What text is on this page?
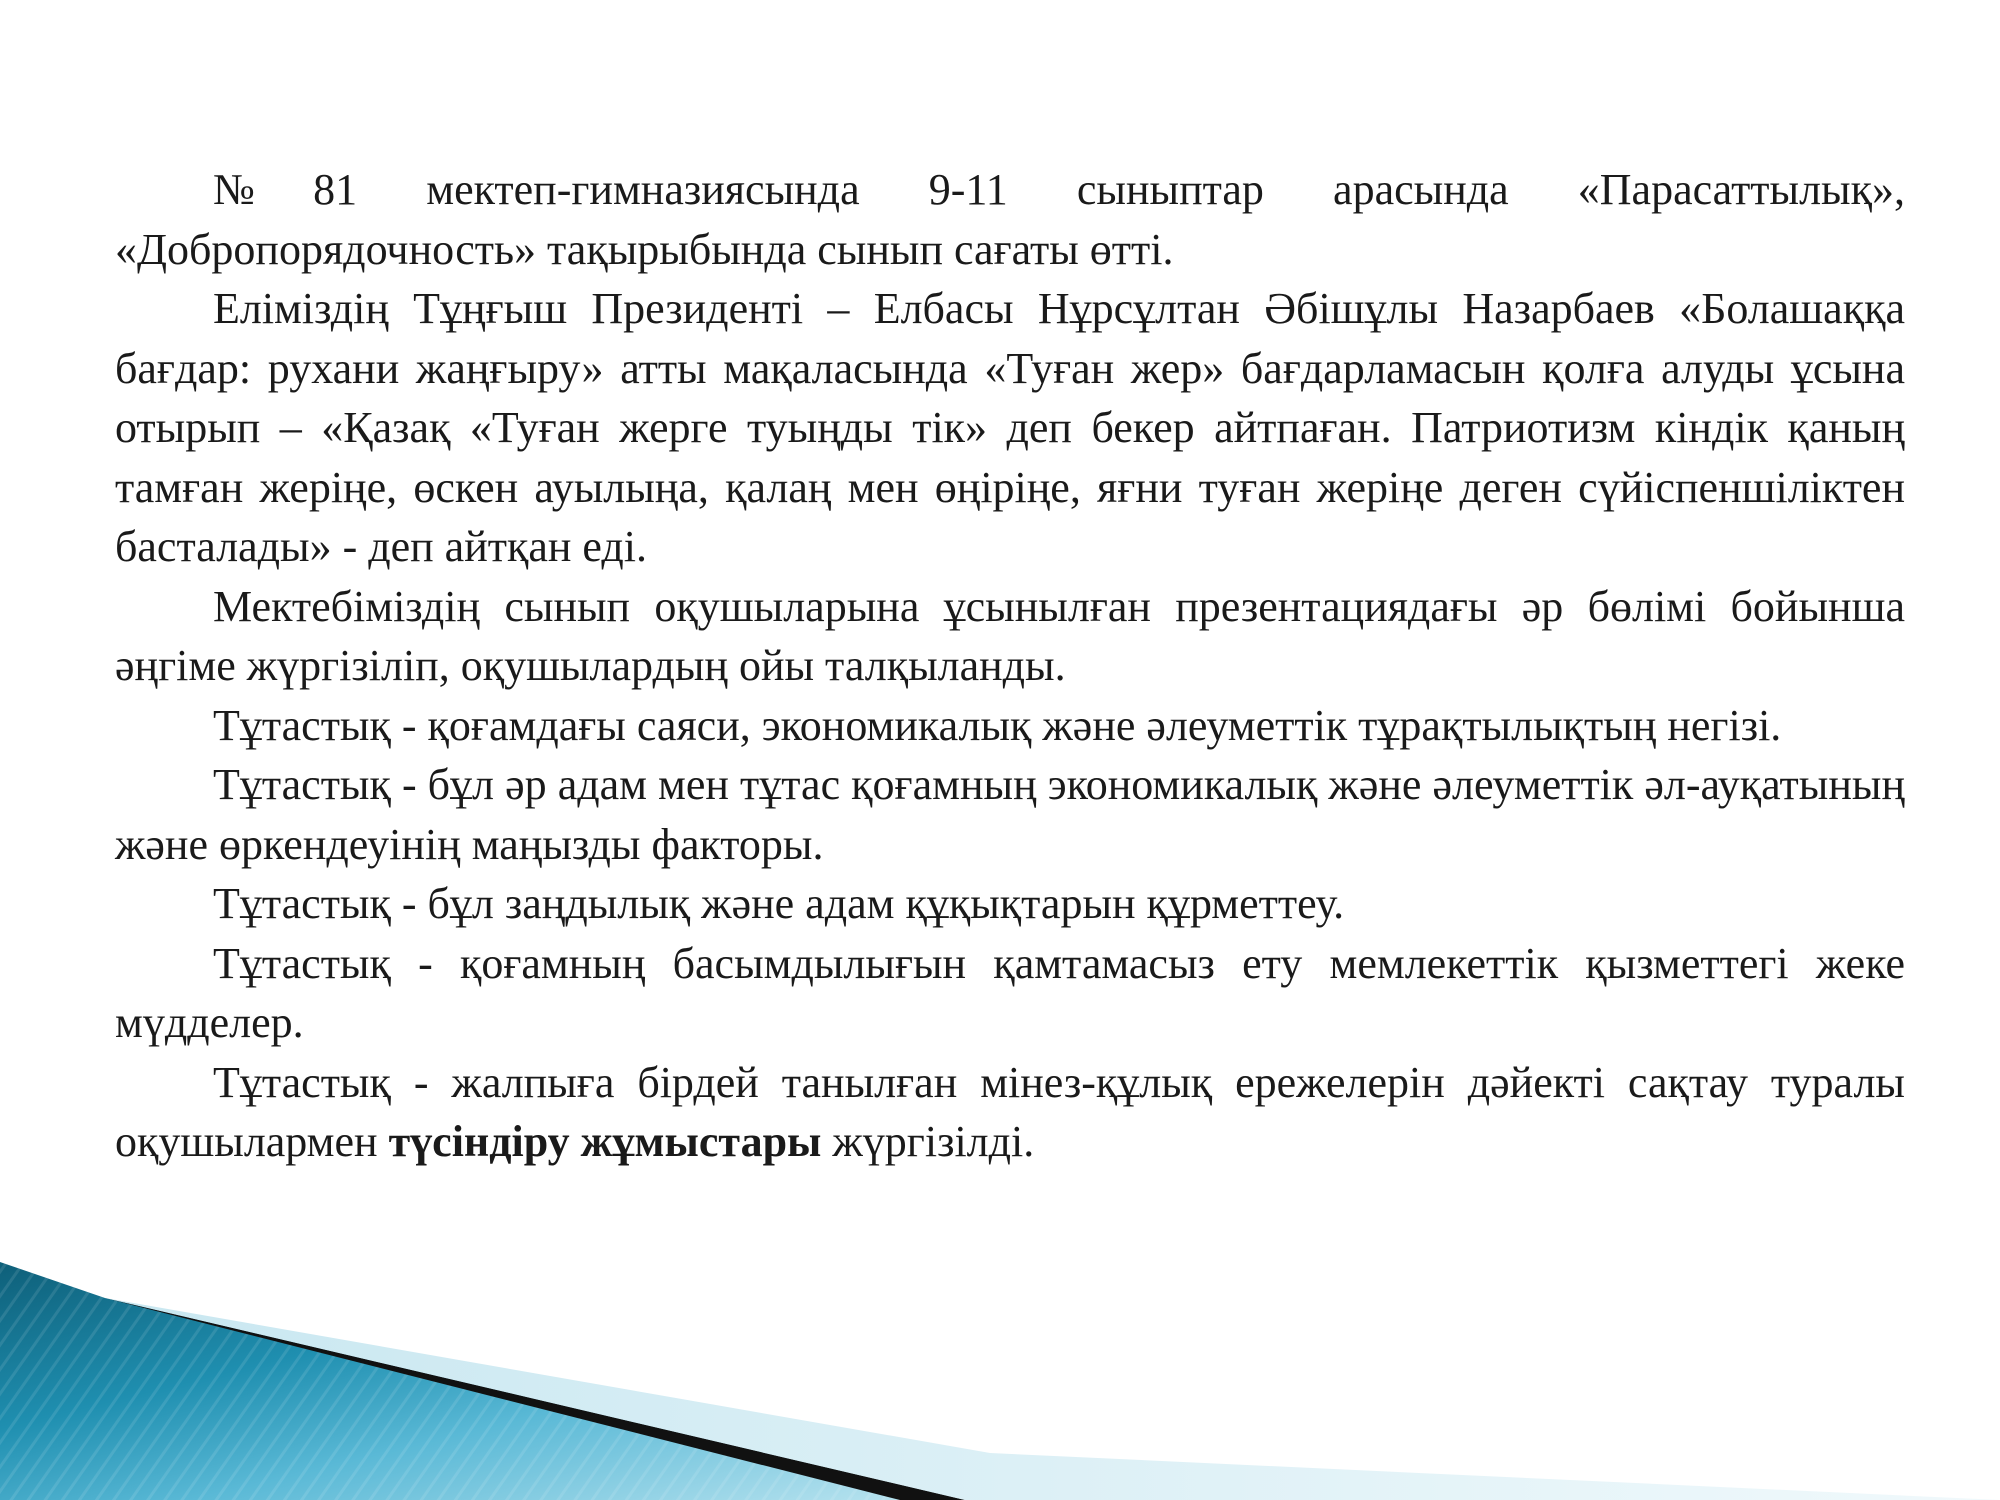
№81 мектеп-гимназиясында 9-11 сыныптар арасында «Парасаттылық», «Добропорядочность» тақырыбында сынып сағаты өтті.

Еліміздің Тұңғыш Президенті – Елбасы Нұрсұлтан Әбішұлы Назарбаев «Болашаққа бағдар: рухани жаңғыру» атты мақаласында «Туған жер» бағдарламасын қолға алуды ұсына отырып – «Қазақ «Туған жерге туыңды тік» деп бекер айтпаған. Патриотизм кіндік қаның тамған жеріңе, өскен ауылыңа, қалаң мен өңіріңе, яғни туған жеріңе деген сүйіспеншіліктен басталады» - деп айтқан еді.

Мектебіміздің сынып оқушыларына ұсынылған презентациядағы әр бөлімі бойынша әңгіме жүргізіліп, оқушылардың ойы талқыланды.

Тұтастық - қоғамдағы саяси, экономикалық және әлеуметтік тұрақтылықтың негізі.

Тұтастық - бұл әр адам мен тұтас қоғамның экономикалық және әлеуметтік әл-ауқатының және өркендеуінің маңызды факторы.

Тұтастық - бұл заңдылық және адам құқықтарын құрметтеу.

Тұтастық - қоғамның басымдылығын қамтамасыз ету мемлекеттік қызметтегі жеке мүдделер.

Тұтастық - жалпыға бірдей танылған мінез-құлық ережелерін дәйекті сақтау туралы оқушылармен түсіндіру жұмыстары жүргізілді.
